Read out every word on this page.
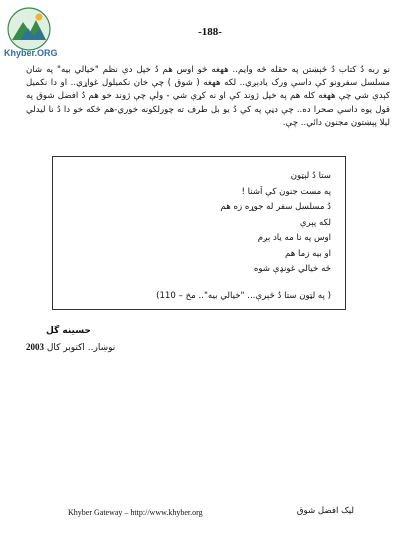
Khyber.ORG
-188-

نو ربه دُ کتاب دُ څېښتن په حقله څه وايم.. ههغه څو اوس هم دُ خپل دې نظم "خيالي بيه" په شان مسلسل سفرونو کې داسې ورک يادېږي.. لکه ههغه ( شوق ) چې خان نکميلول غواړي.. او دا نکميل کېدې شي چې ههغه کله هم په خپل ژوند کې او نه کړې شي - ولې چې ژوند خو هم دُ افضل شوق په قول يوه داسې صحرا ده.. چې دڼې په کې دُ يو بل طرف ته چورلکونه خوري-هم څکه خو دا دُ نا ليدلي ليلا پېښتون مجنون دائي.. چې.

ستا دُ لېټون
په مست جنون کې اَشنا !
دُ مسلسل سفر له جوړه زه هم
لکه پېرې
اوس په نا مه ياد ېږم
او بيه زما هم
څه خيالي غونډې شوه
( په لټون ستا دُ څېرې... "خيالي بيه".. مخ – 110)
حسينه گل
نوښار.. اکتوبر کال 2003
Khyber Gateway – http://www.khyber.org	ليک افضل شوق
